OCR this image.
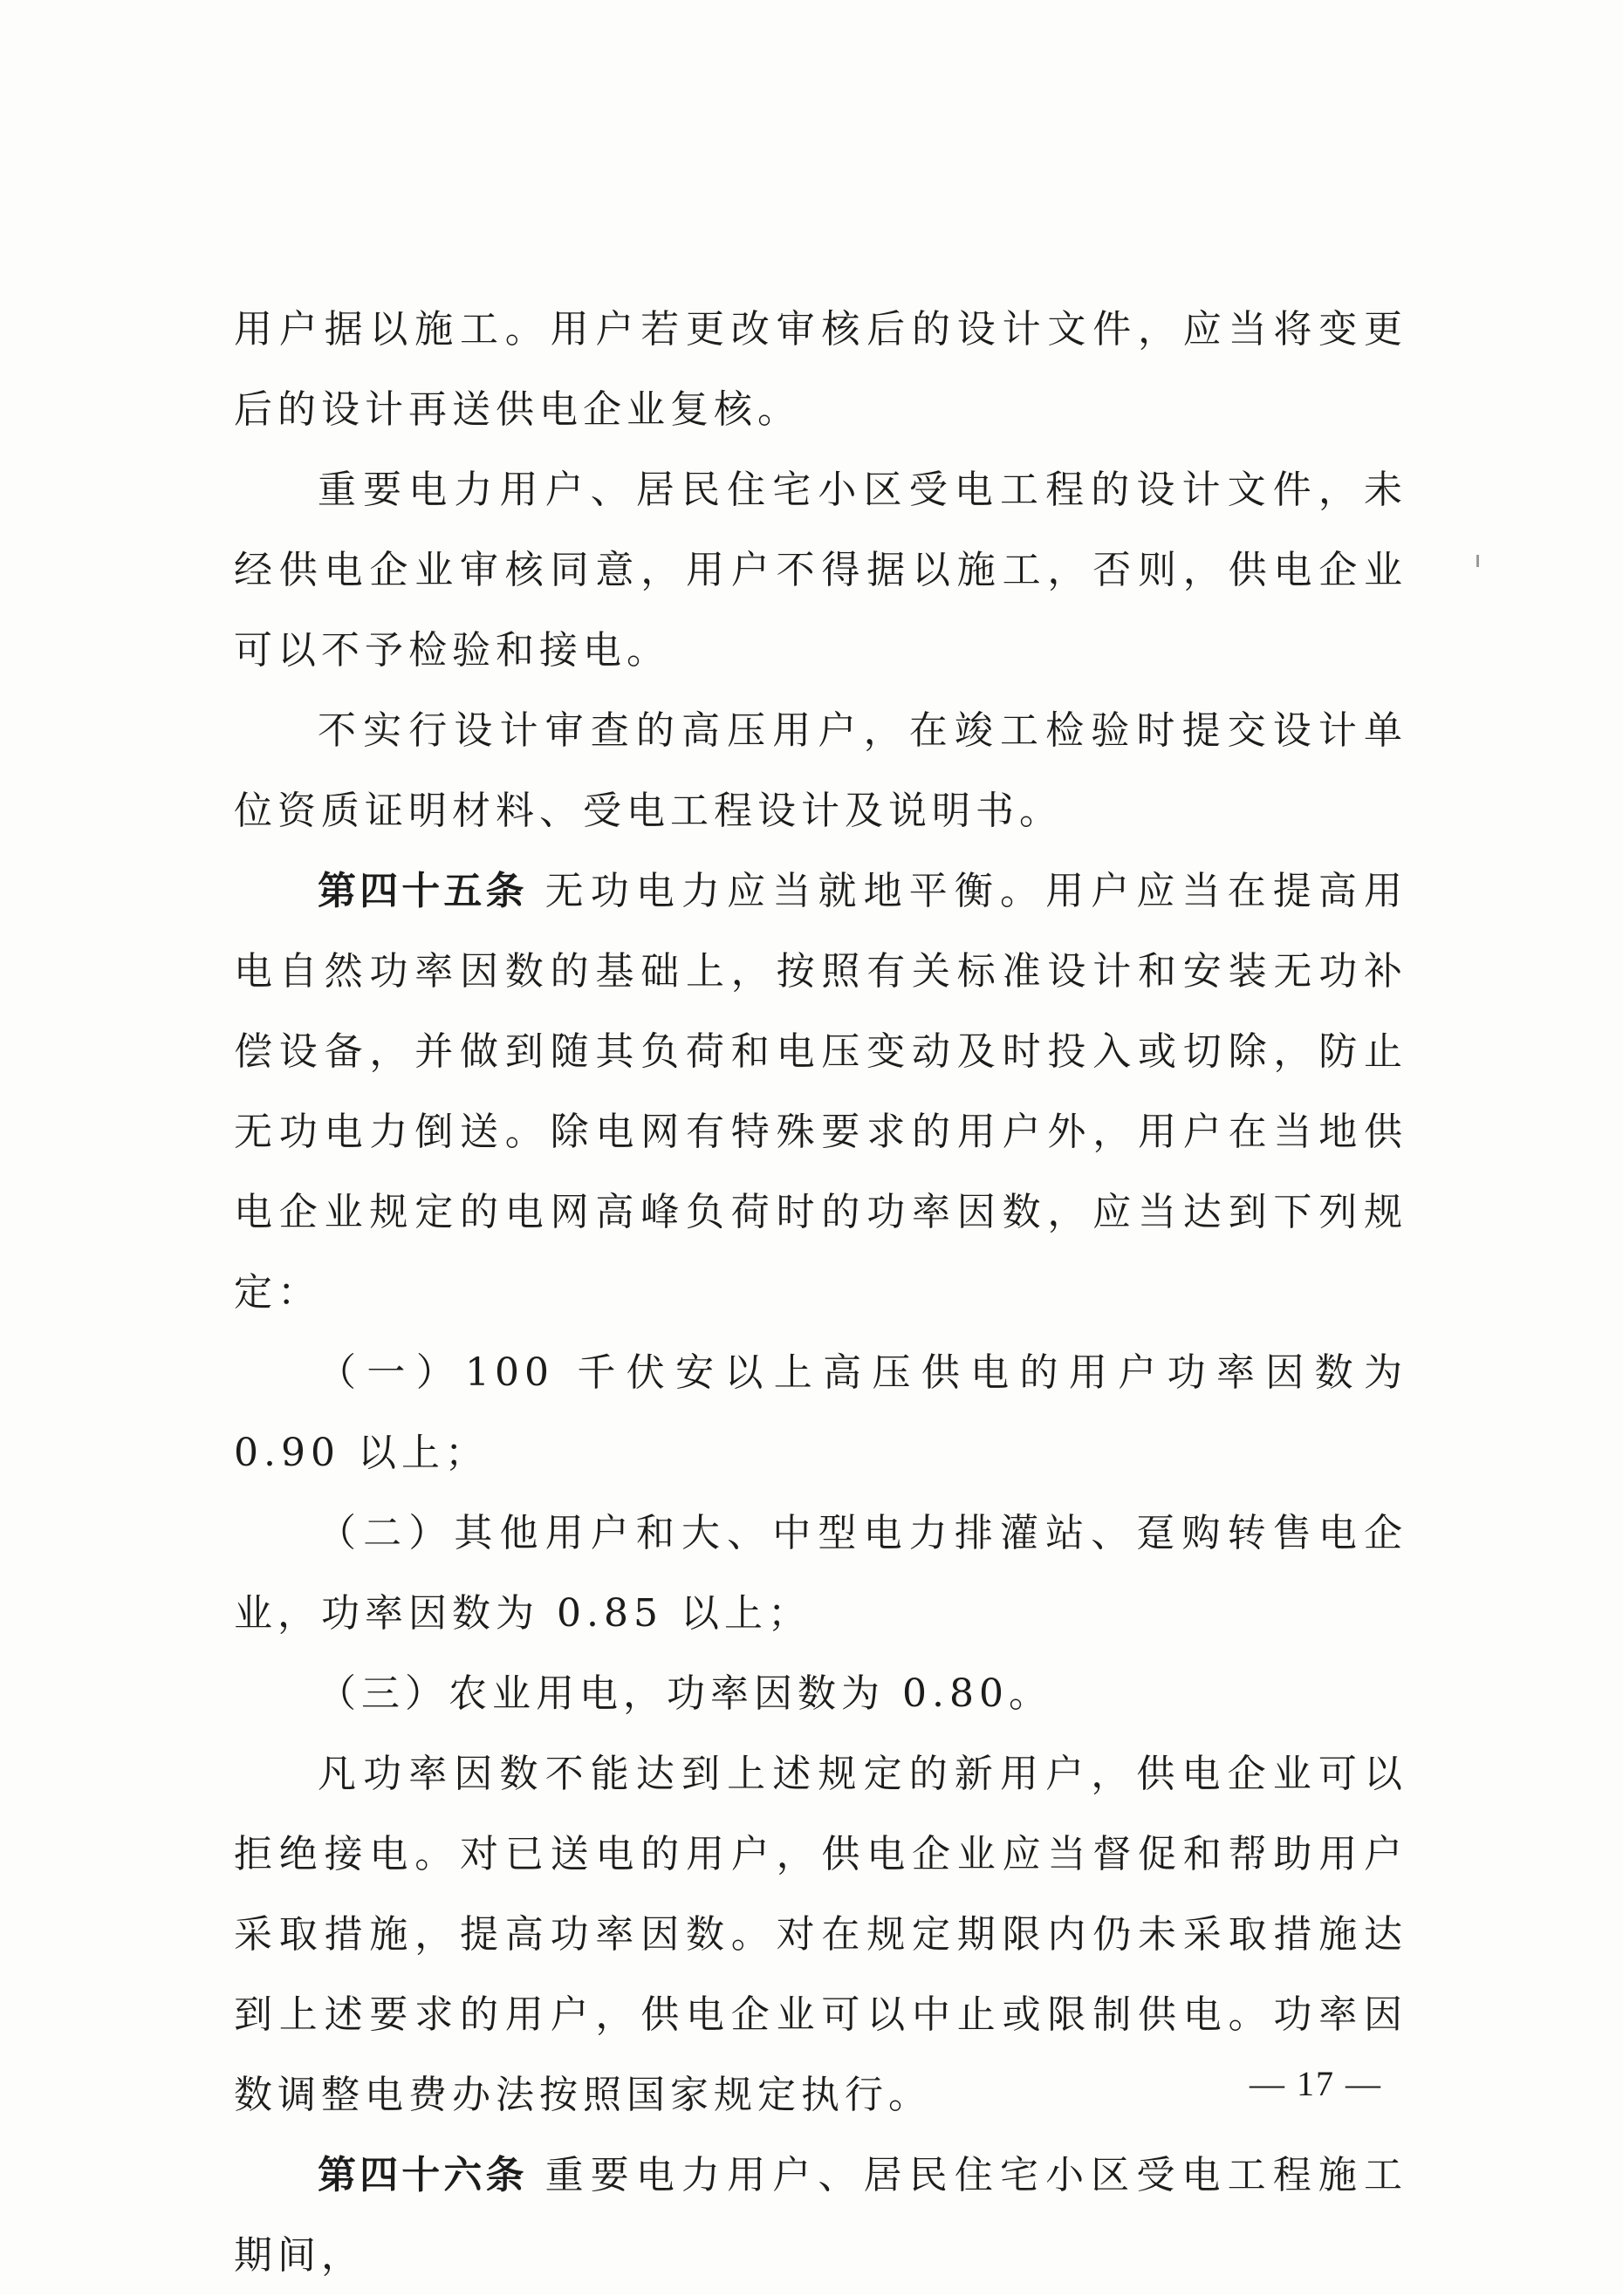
用户据以施工。用户若更改审核后的设计文件，应当将变更后的设计再送供电企业复核。

重要电力用户、居民住宅小区受电工程的设计文件，未经供电企业审核同意，用户不得据以施工，否则，供电企业可以不予检验和接电。

不实行设计审查的高压用户，在竣工检验时提交设计单位资质证明材料、受电工程设计及说明书。

第四十五条 无功电力应当就地平衡。用户应当在提高用电自然功率因数的基础上，按照有关标准设计和安装无功补偿设备，并做到随其负荷和电压变动及时投入或切除，防止无功电力倒送。除电网有特殊要求的用户外，用户在当地供电企业规定的电网高峰负荷时的功率因数，应当达到下列规定：

（一）100 千伏安以上高压供电的用户功率因数为 0.90 以上；

（二）其他用户和大、中型电力排灌站、趸购转售电企业，功率因数为 0.85 以上；

（三）农业用电，功率因数为 0.80。

凡功率因数不能达到上述规定的新用户，供电企业可以拒绝接电。对已送电的用户，供电企业应当督促和帮助用户采取措施，提高功率因数。对在规定期限内仍未采取措施达到上述要求的用户，供电企业可以中止或限制供电。功率因数调整电费办法按照国家规定执行。

第四十六条 重要电力用户、居民住宅小区受电工程施工期间，

— 17 —
